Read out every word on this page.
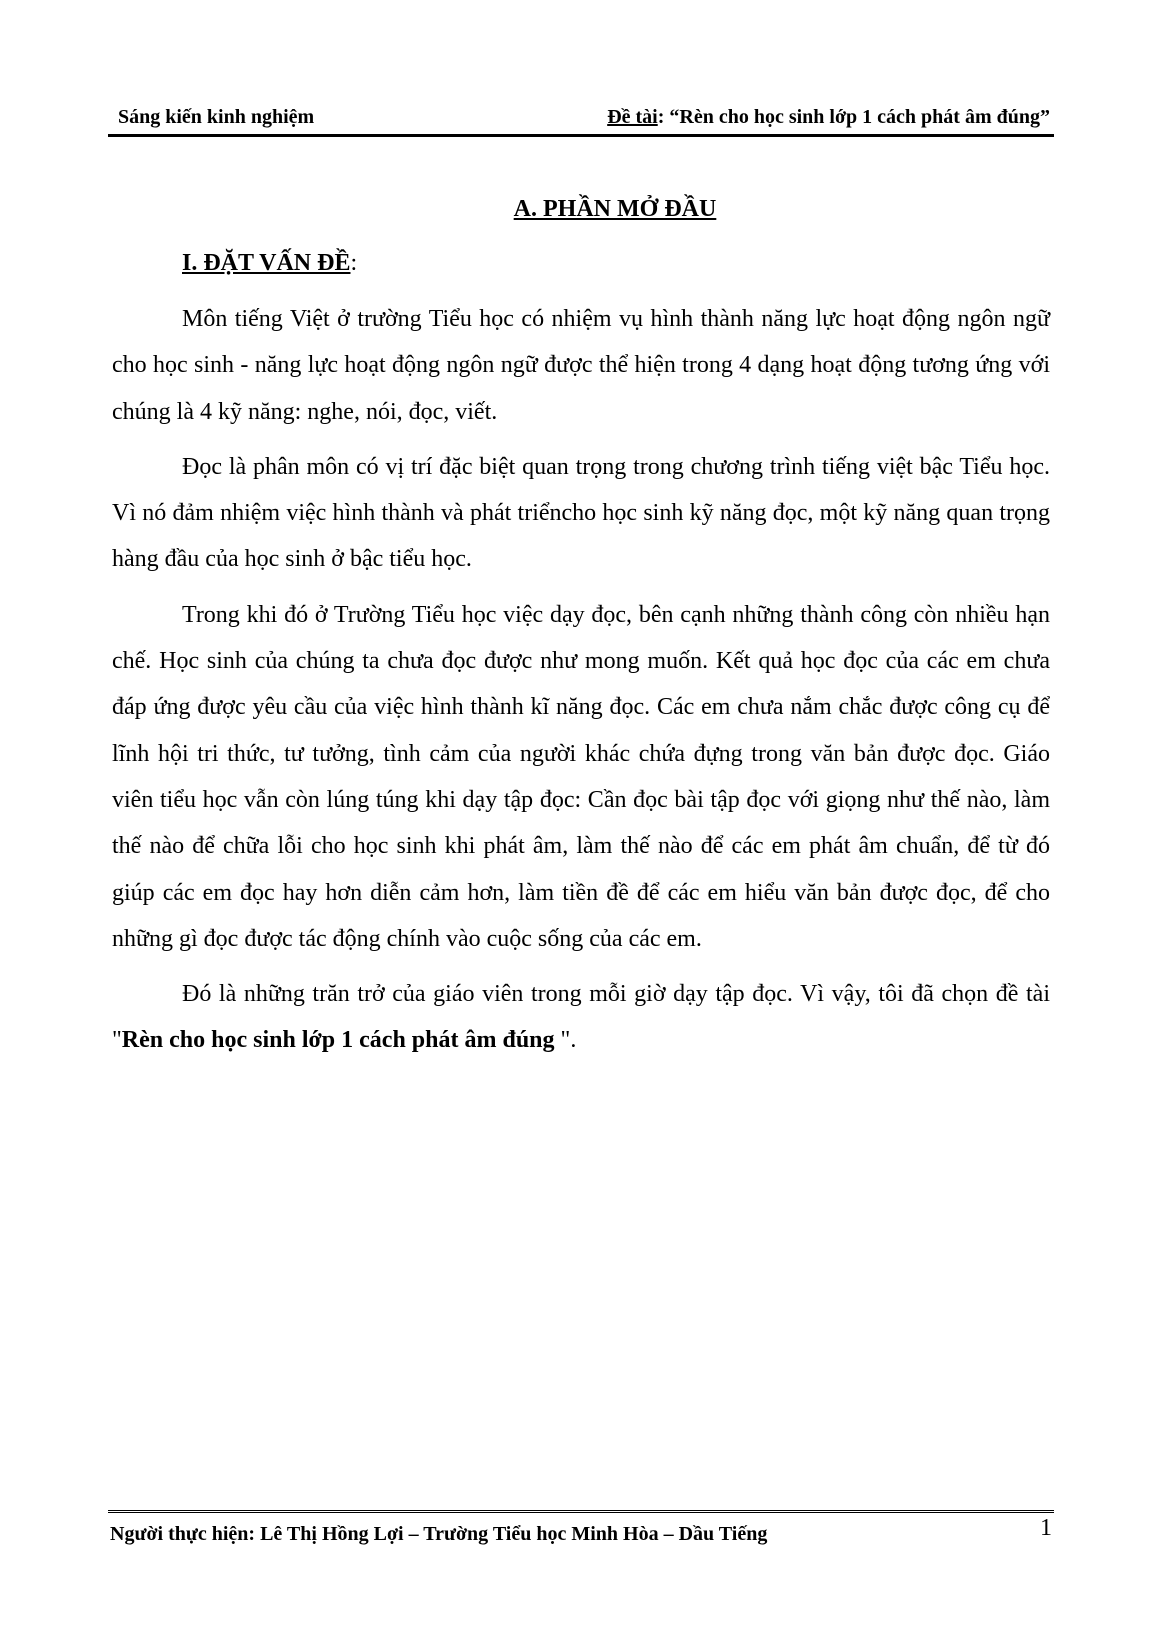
Sáng kiến kinh nghiệm	Đề tài: “Rèn cho học sinh lớp 1 cách phát âm đúng”
A. PHẦN MỞ ĐẦU
I. ĐẶT VẤN ĐỀ:

Môn tiếng Việt ở trường Tiểu học có nhiệm vụ hình thành năng lực hoạt động ngôn ngữ cho học sinh - năng lực hoạt động ngôn ngữ được thể hiện trong 4 dạng hoạt động tương ứng với chúng là 4 kỹ năng: nghe, nói, đọc, viết.

Đọc là phân môn có vị trí đặc biệt quan trọng trong chương trình tiếng việt bậc Tiểu học. Vì nó đảm nhiệm việc hình thành và phát triểncho học sinh kỹ năng đọc, một kỹ năng quan trọng hàng đầu của học sinh ở bậc tiểu học.

Trong khi đó ở Trường Tiểu học việc dạy đọc, bên cạnh những thành công còn nhiều hạn chế. Học sinh của chúng ta chưa đọc được như mong muốn. Kết quả học đọc của các em chưa đáp ứng được yêu cầu của việc hình thành kĩ năng đọc. Các em chưa nắm chắc được công cụ để lĩnh hội tri thức, tư tưởng, tình cảm của người khác chứa đựng trong văn bản được đọc. Giáo viên tiểu học vẫn còn lúng túng khi dạy tập đọc: Cần đọc bài tập đọc với giọng như thế nào, làm thế nào để chữa lỗi cho học sinh khi phát âm, làm thế nào để các em phát âm chuẩn, để từ đó giúp các em đọc hay hơn diễn cảm hơn, làm tiền đề để các em hiểu văn bản được đọc, để cho những gì đọc được tác động chính vào cuộc sống của các em.

Đó là những trăn trở của giáo viên trong mỗi giờ dạy tập đọc. Vì vậy, tôi đã chọn đề tài "Rèn cho học sinh lớp 1 cách phát âm đúng ".

Người thực hiện: Lê Thị Hồng Lợi – Trường Tiểu học Minh Hòa – Dầu Tiếng	1
